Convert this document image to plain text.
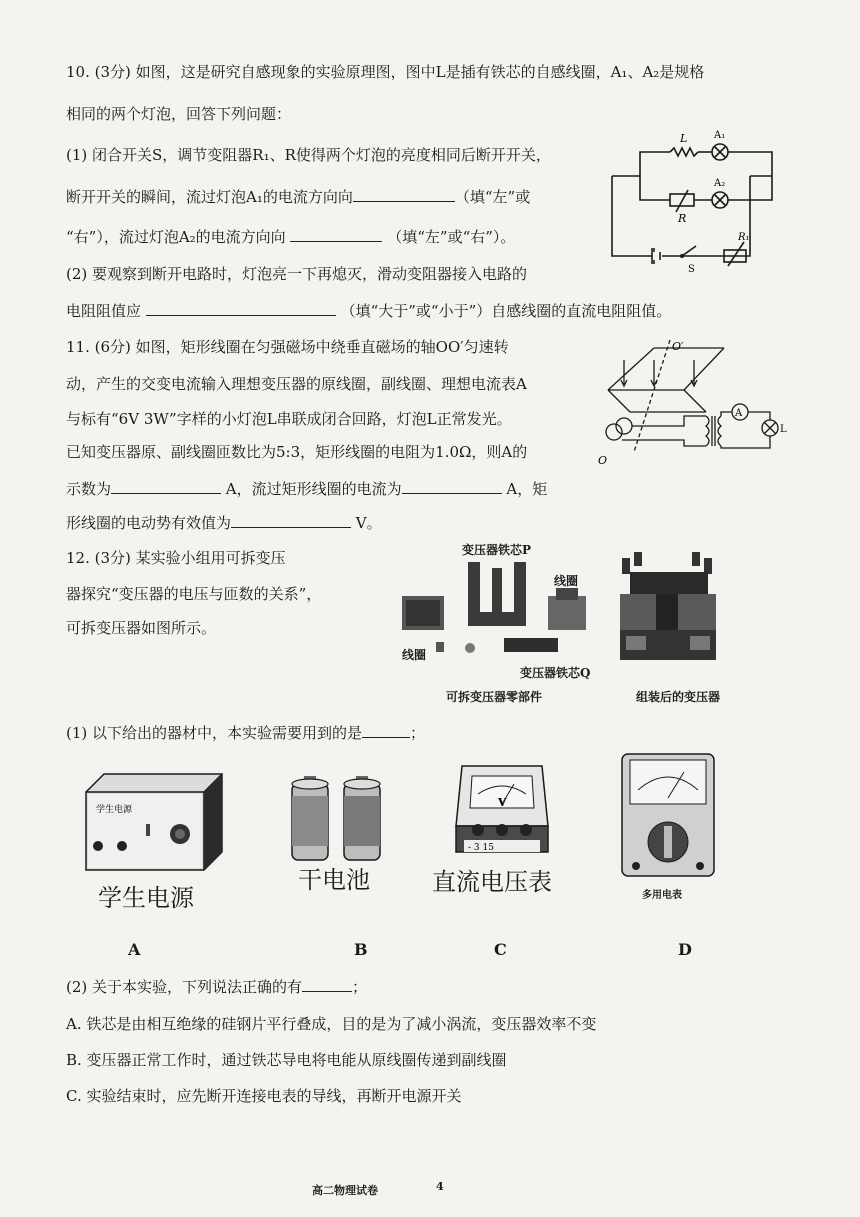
10. (3分) 如图，这是研究自感现象的实验原理图，图中L是插有铁芯的自感线圈，A₁、A₂是规格
相同的两个灯泡，回答下列问题：
(1) 闭合开关S，调节变阻器R₁、R使得两个灯泡的亮度相同后断开开关，
断开开关的瞬间，流过灯泡A₁的电流方向向	（填“左”或
“右”），流过灯泡A₂的电流方向向	（填“左”或“右”）。
(2) 要观察到断开电路时，灯泡亮一下再熄灭，滑动变阻器接入电路的
电阻阻值应	（填“大于”或“小于”）自感线圈的直流电阻阻值。
L	A₁
A₂
R
R₁
S
11. (6分) 如图，矩形线圈在匀强磁场中绕垂直磁场的轴OO′匀速转
动，产生的交变电流输入理想变压器的原线圈，副线圈、理想电流表A
与标有“6V 3W”字样的小灯泡L串联成闭合回路，灯泡L正常发光。
已知变压器原、副线圈匝数比为5:3，矩形线圈的电阻为1.0Ω，则A的
示数为	A，流过矩形线圈的电流为	A，矩
形线圈的电动势有效值为	V。
O′
O
A
L
12. (3分) 某实验小组用可拆变压
器探究“变压器的电压与匝数的关系”，
可拆变压器如图所示。
变压器铁芯P
线圈
线圈
变压器铁芯Q
可拆变压器零部件	组装后的变压器
(1) 以下给出的器材中，本实验需要用到的是	；
学生电源
学生电源
A
干电池
B
V
- 3 15
直流电压表
C
多用电表
D
(2) 关于本实验，下列说法正确的有	；
A. 铁芯是由相互绝缘的硅钢片平行叠成，目的是为了减小涡流，变压器效率不变
B. 变压器正常工作时，通过铁芯导电将电能从原线圈传递到副线圈
C. 实验结束时，应先断开连接电表的导线，再断开电源开关
高二物理试卷	4
